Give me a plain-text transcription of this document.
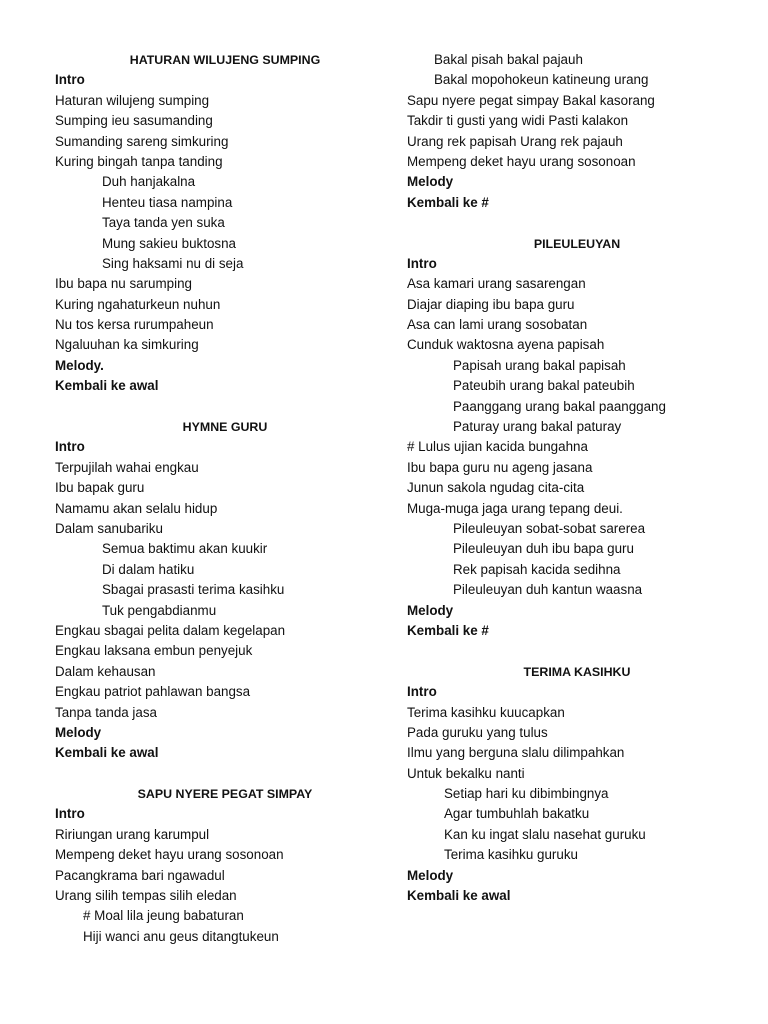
HATURAN WILUJENG SUMPING
Intro
Haturan wilujeng sumping
Sumping ieu sasumanding
Sumanding sareng simkuring
Kuring bingah tanpa tanding
Duh hanjakalna
Henteu tiasa nampina
Taya tanda yen suka
Mung sakieu buktosna
Sing haksami nu di seja
Ibu bapa nu sarumping
Kuring ngahaturkeun nuhun
Nu tos kersa rurumpaheun
Ngaluuhan ka simkuring
Melody.
Kembali ke awal
HYMNE GURU
Intro
Terpujilah wahai engkau
Ibu bapak guru
Namamu akan selalu hidup
Dalam sanubariku
Semua baktimu akan kuukir
Di dalam hatiku
Sbagai prasasti terima kasihku
Tuk pengabdianmu
Engkau sbagai pelita dalam kegelapan
Engkau laksana embun penyejuk
Dalam kehausan
Engkau patriot pahlawan bangsa
Tanpa tanda jasa
Melody
Kembali ke awal
SAPU NYERE PEGAT SIMPAY
Intro
Ririungan urang karumpul
Mempeng deket hayu urang sosonoan
Pacangkrama bari ngawadul
Urang silih tempas silih eledan
# Moal lila jeung babaturan
Hiji wanci anu geus ditangtukeun
Bakal pisah bakal pajauh
Bakal mopohokeun katineung urang
Sapu nyere pegat simpay Bakal kasorang
Takdir ti gusti yang widi Pasti kalakon
Urang rek papisah Urang rek pajauh
Mempeng deket hayu urang sosonoan
Melody
Kembali ke #
PILEULEUYAN
Intro
Asa kamari urang sasarengan
Diajar diaping ibu bapa guru
Asa can lami urang sosobatan
Cunduk waktosna ayena papisah
Papisah urang bakal papisah
Pateubih urang bakal pateubih
Paanggang urang bakal paanggang
Paturay urang bakal paturay
# Lulus ujian kacida bungahna
Ibu bapa guru nu ageng jasana
Junun sakola ngudag cita-cita
Muga-muga jaga urang tepang deui.
Pileuleuyan sobat-sobat sarerea
Pileuleuyan duh ibu bapa guru
Rek papisah kacida sedihna
Pileuleuyan duh kantun waasna
Melody
Kembali ke #
TERIMA KASIHKU
Intro
Terima kasihku kuucapkan
Pada guruku yang tulus
Ilmu yang berguna slalu dilimpahkan
Untuk bekalku nanti
Setiap hari ku dibimbingnya
Agar tumbuhlah bakatku
Kan ku ingat slalu nasehat guruku
Terima kasihku guruku
Melody
Kembali ke awal
